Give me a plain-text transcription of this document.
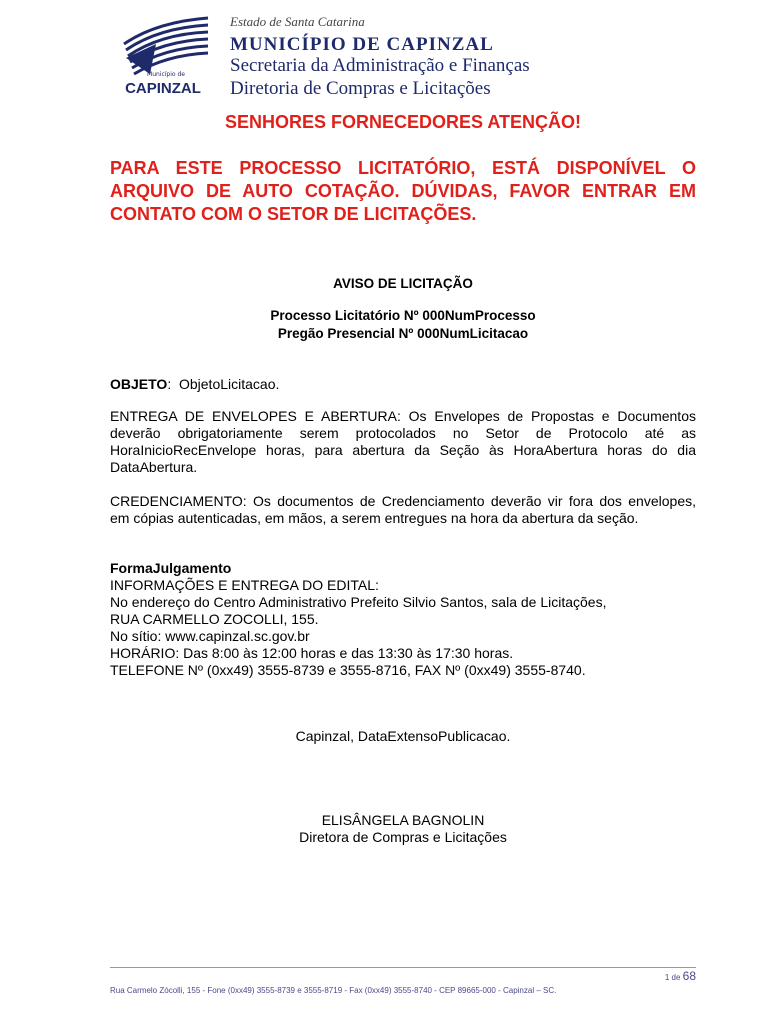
Município de
CAPINZAL
Estado de Santa Catarina
MUNICÍPIO DE CAPINZAL
Secretaria da Administração e Finanças
Diretoria de Compras e Licitações
SENHORES FORNECEDORES ATENÇÃO!
PARA ESTE PROCESSO LICITATÓRIO, ESTÁ DISPONÍVEL O ARQUIVO DE AUTO COTAÇÃO. DÚVIDAS, FAVOR ENTRAR EM CONTATO COM O SETOR DE LICITAÇÕES.
AVISO DE LICITAÇÃO
Processo Licitatório Nº 000NumProcesso
Pregão Presencial Nº 000NumLicitacao
OBJETO: ObjetoLicitacao.
ENTREGA DE ENVELOPES E ABERTURA: Os Envelopes de Propostas e Documentos deverão obrigatoriamente serem protocolados no Setor de Protocolo até as HoraInicioRecEnvelope horas, para abertura da Seção às HoraAbertura horas do dia DataAbertura.
CREDENCIAMENTO: Os documentos de Credenciamento deverão vir fora dos envelopes, em cópias autenticadas, em mãos, a serem entregues na hora da abertura da seção.
FormaJulgamento
INFORMAÇÕES E ENTREGA DO EDITAL:
No endereço do Centro Administrativo Prefeito Silvio Santos, sala de Licitações,
RUA CARMELLO ZOCOLLI, 155.
No sítio: www.capinzal.sc.gov.br
HORÁRIO: Das 8:00 às 12:00 horas e das 13:30 às 17:30 horas.
TELEFONE Nº (0xx49) 3555-8739 e 3555-8716, FAX Nº (0xx49) 3555-8740.
Capinzal, DataExtensoPublicacao.
ELISÂNGELA BAGNOLIN
Diretora de Compras e Licitações
1 de 68
Rua Carmelo Zócolli, 155 - Fone (0xx49) 3555-8739 e 3555-8719 - Fax (0xx49) 3555-8740 - CEP 89665-000 - Capinzal – SC.
